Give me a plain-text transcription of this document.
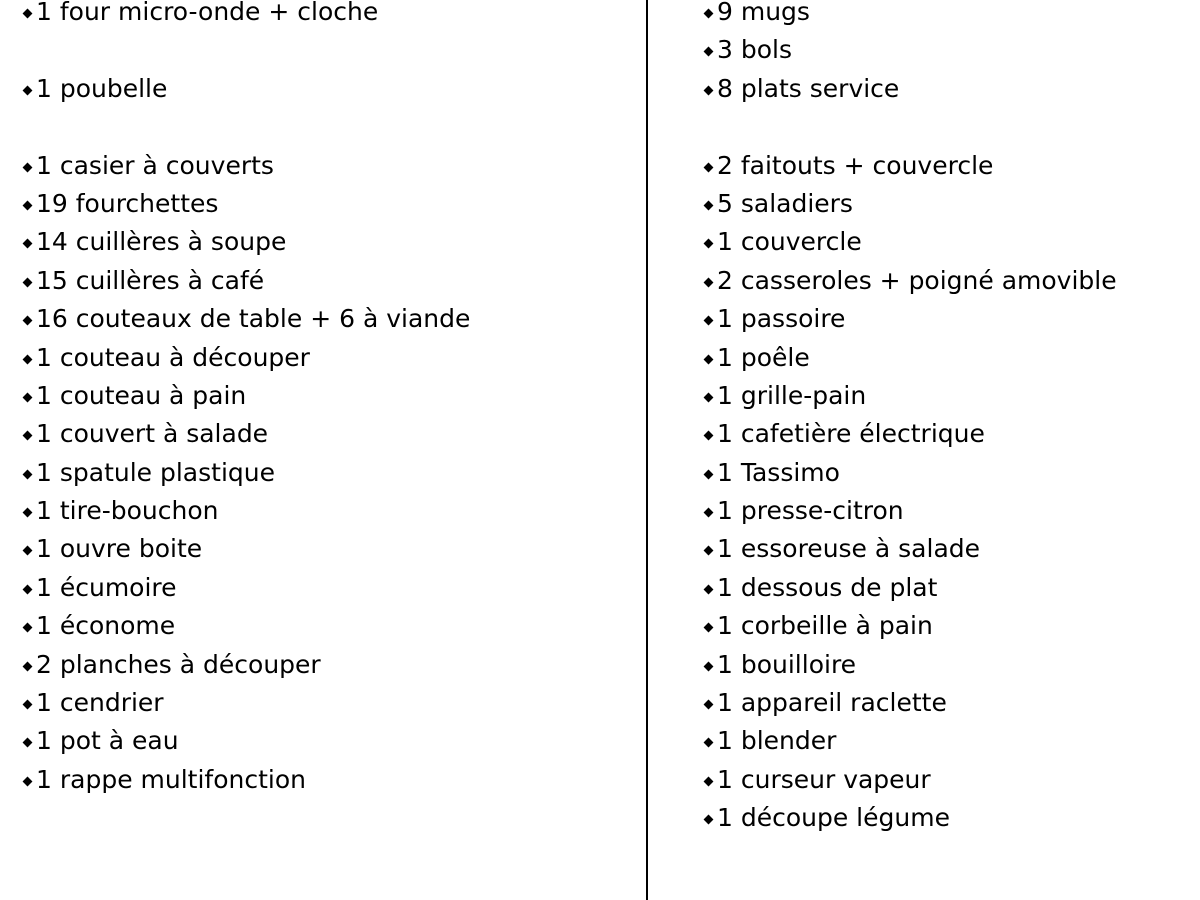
1 four micro-onde + cloche
1 poubelle
1 casier à couverts
19 fourchettes
14 cuillères à soupe
15 cuillères à café
16 couteaux de table + 6 à viande
1 couteau à découper
1 couteau à pain
1 couvert à salade
1 spatule plastique
1 tire-bouchon
1 ouvre boite
1 écumoire
1 économe
2 planches à découper
1 cendrier
1 pot à eau
1 rappe multifonction
9 mugs
3 bols
8 plats service
2 faitouts + couvercle
5 saladiers
1 couvercle
2 casseroles + poigné amovible
1 passoire
1 poêle
1 grille-pain
1 cafetière électrique
1 Tassimo
1 presse-citron
1 essoreuse à salade
1 dessous de plat
1 corbeille à pain
1 bouilloire
1 appareil raclette
1 blender
1 curseur vapeur
1 découpe légume
